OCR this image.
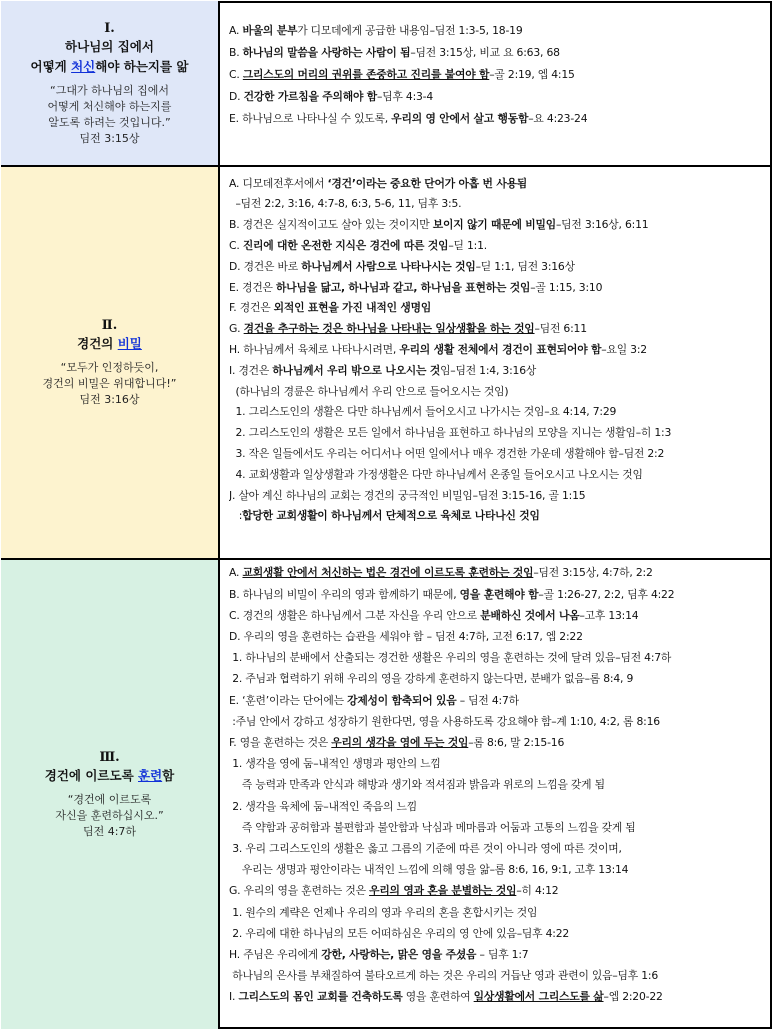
Ⅰ.
하나님의 집에서
어떻게 처신해야 하는지를 앎
“그대가 하나님의 집에서
어떻게 처신해야 하는지를
알도록 하려는 것입니다.”
딤전 3:15상
A. 바울의 분부가 디모데에게 공급한 내용임–딤전 1:3-5, 18-19
B. 하나님의 말씀을 사랑하는 사람이 됨–딤전 3:15상, 비교 요 6:63, 68
C. 그리스도의 머리의 권위를 존중하고 진리를 붙여야 함–골 2:19, 엡 4:15
D. 건강한 가르침을 주의해야 함–딤후 4:3-4
E. 하나님으로 나타나실 수 있도록, 우리의 영 안에서 살고 행동함–요 4:23-24
Ⅱ.
경건의 비밀
“모두가 인정하듯이,
경건의 비밀은 위대합니다!”
딤전 3:16상
A. 디모데전후서에서 ‘경건’이라는 중요한 단어가 아홉 번 사용됨
–딤전 2:2, 3:16, 4:7-8, 6:3, 5-6, 11, 딤후 3:5.
B. 경건은 실지적이고도 살아 있는 것이지만 보이지 않기 때문에 비밀임–딤전 3:16상, 6:11
C. 진리에 대한 온전한 지식은 경건에 따른 것임–딛 1:1.
D. 경건은 바로 하나님께서 사람으로 나타나시는 것임–딛 1:1, 딤전 3:16상
E. 경건은 하나님을 닮고, 하나님과 같고, 하나님을 표현하는 것임–골 1:15, 3:10
F. 경건은 외적인 표현을 가진 내적인 생명임
G. 경건을 추구하는 것은 하나님을 나타내는 일상생활을 하는 것임–딤전 6:11
H. 하나님께서 육체로 나타나시려면, 우리의 생활 전체에서 경건이 표현되어야 함–요일 3:2
I. 경건은 하나님께서 우리 밖으로 나오시는 것임–딤전 1:4, 3:16상
(하나님의 경륜은 하나님께서 우리 안으로 들어오시는 것임)
1. 그리스도인의 생활은 다만 하나님께서 들어오시고 나가시는 것임–요 4:14, 7:29
2. 그리스도인의 생활은 모든 일에서 하나님을 표현하고 하나님의 모양을 지니는 생활임–히 1:3
3. 작은 일들에서도 우리는 어디서나 어떤 일에서나 매우 경건한 가운데 생활해야 함–딤전 2:2
4. 교회생활과 일상생활과 가정생활은 다만 하나님께서 온종일 들어오시고 나오시는 것임
J. 살아 계신 하나님의 교회는 경건의 궁극적인 비밀임–딤전 3:15-16, 골 1:15
:합당한 교회생활이 하나님께서 단체적으로 육체로 나타나신 것임
Ⅲ.
경건에 이르도록 훈련함
“경건에 이르도록
자신을 훈련하십시오.”
딤전 4:7하
A. 교회생활 안에서 처신하는 법은 경건에 이르도록 훈련하는 것임–딤전 3:15상, 4:7하, 2:2
B. 하나님의 비밀이 우리의 영과 함께하기 때문에, 영을 훈련해야 함–골 1:26-27, 2:2, 딤후 4:22
C. 경건의 생활은 하나님께서 그분 자신을 우리 안으로 분배하신 것에서 나옴–고후 13:14
D. 우리의 영을 훈련하는 습관을 세워야 함 – 딤전 4:7하, 고전 6:17, 엡 2:22
1. 하나님의 분배에서 산출되는 경건한 생활은 우리의 영을 훈련하는 것에 달려 있음–딤전 4:7하
2. 주님과 협력하기 위해 우리의 영을 강하게 훈련하지 않는다면, 분배가 없음–롬 8:4, 9
E. ‘훈련’이라는 단어에는 강제성이 함축되어 있음 – 딤전 4:7하
:주님 안에서 강하고 성장하기 원한다면, 영을 사용하도록 강요해야 함–계 1:10, 4:2, 롬 8:16
F. 영을 훈련하는 것은 우리의 생각을 영에 두는 것임–롬 8:6, 말 2:15-16
1. 생각을 영에 둠–내적인 생명과 평안의 느낌
즉 능력과 만족과 안식과 해방과 생기와 적셔짐과 밝음과 위로의 느낌을 갖게 됨
2. 생각을 육체에 둠–내적인 죽음의 느낌
즉 약함과 공허함과 불편함과 불안함과 낙심과 메마름과 어둠과 고통의 느낌을 갖게 됨
3. 우리 그리스도인의 생활은 옳고 그름의 기준에 따른 것이 아니라 영에 따른 것이며,
우리는 생명과 평안이라는 내적인 느낌에 의해 영을 앎–롬 8:6, 16, 9:1, 고후 13:14
G. 우리의 영을 훈련하는 것은 우리의 영과 혼을 분별하는 것임–히 4:12
1. 원수의 계략은 언제나 우리의 영과 우리의 혼을 혼합시키는 것임
2. 우리에 대한 하나님의 모든 어떠하심은 우리의 영 안에 있음–딤후 4:22
H. 주님은 우리에게 강한, 사랑하는, 맑은 영을 주셨음 – 딤후 1:7
하나님의 은사를 부채질하여 불타오르게 하는 것은 우리의 거듭난 영과 관련이 있음–딤후 1:6
I. 그리스도의 몸인 교회를 건축하도록 영을 훈련하여 일상생활에서 그리스도를 삶–엡 2:20-22
